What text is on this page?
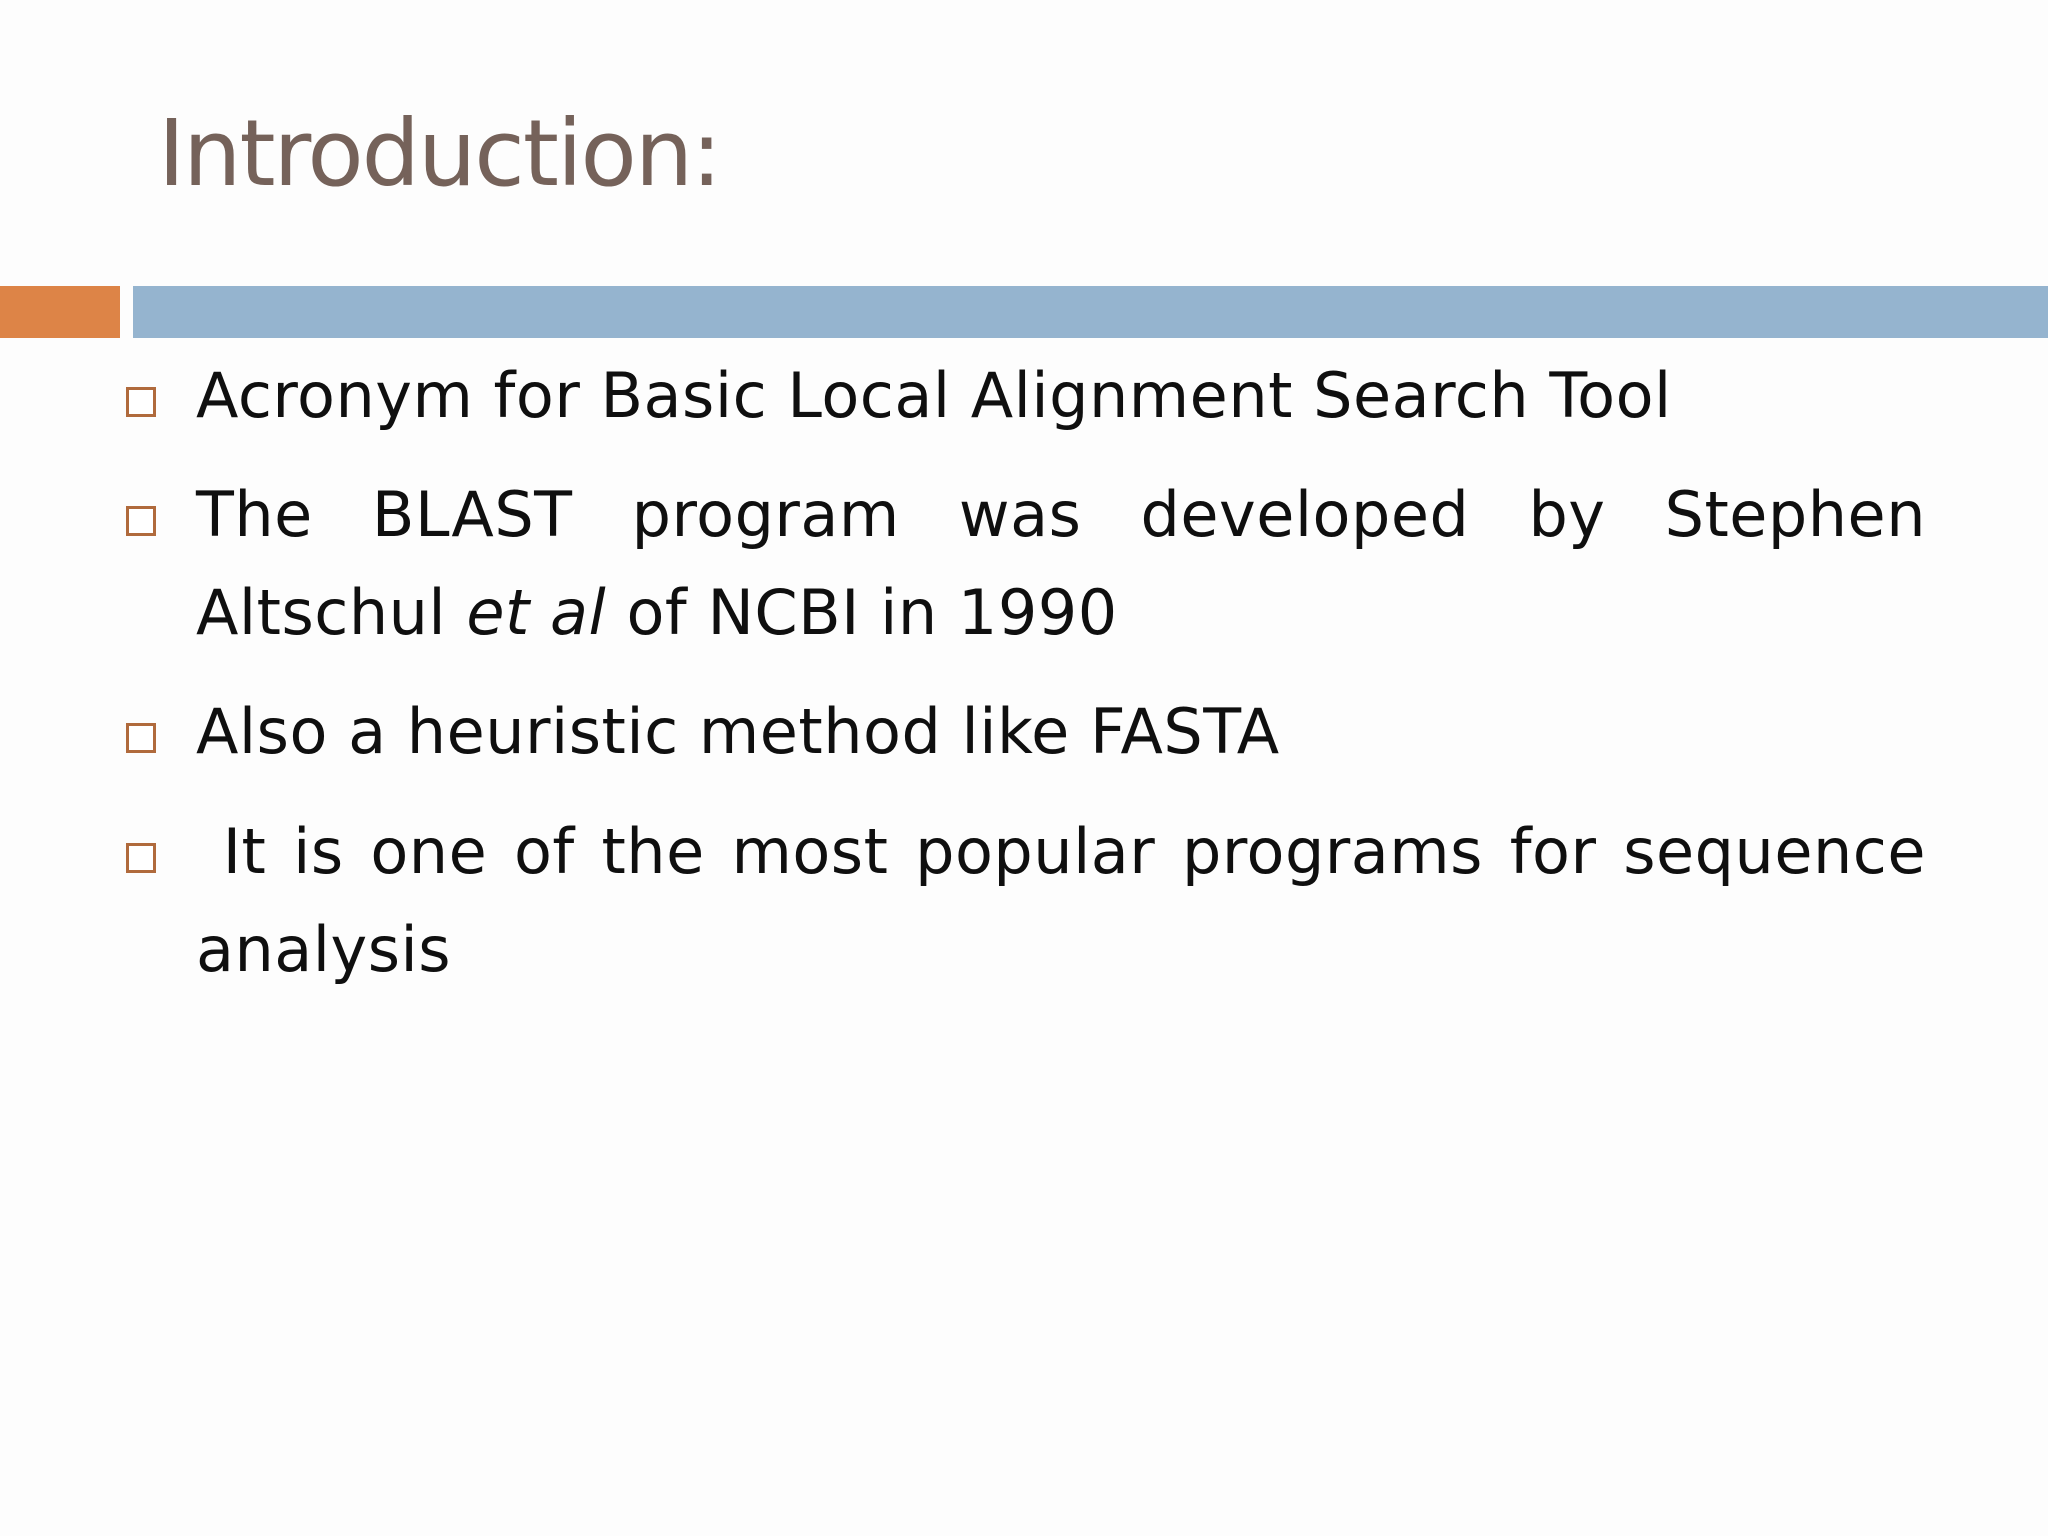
Introduction:
Acronym for Basic Local Alignment Search Tool
The BLAST program was developed by Stephen
Altschul et al of NCBI in 1990
Also a heuristic method like FASTA
It is one of the most popular programs for sequence analysis
